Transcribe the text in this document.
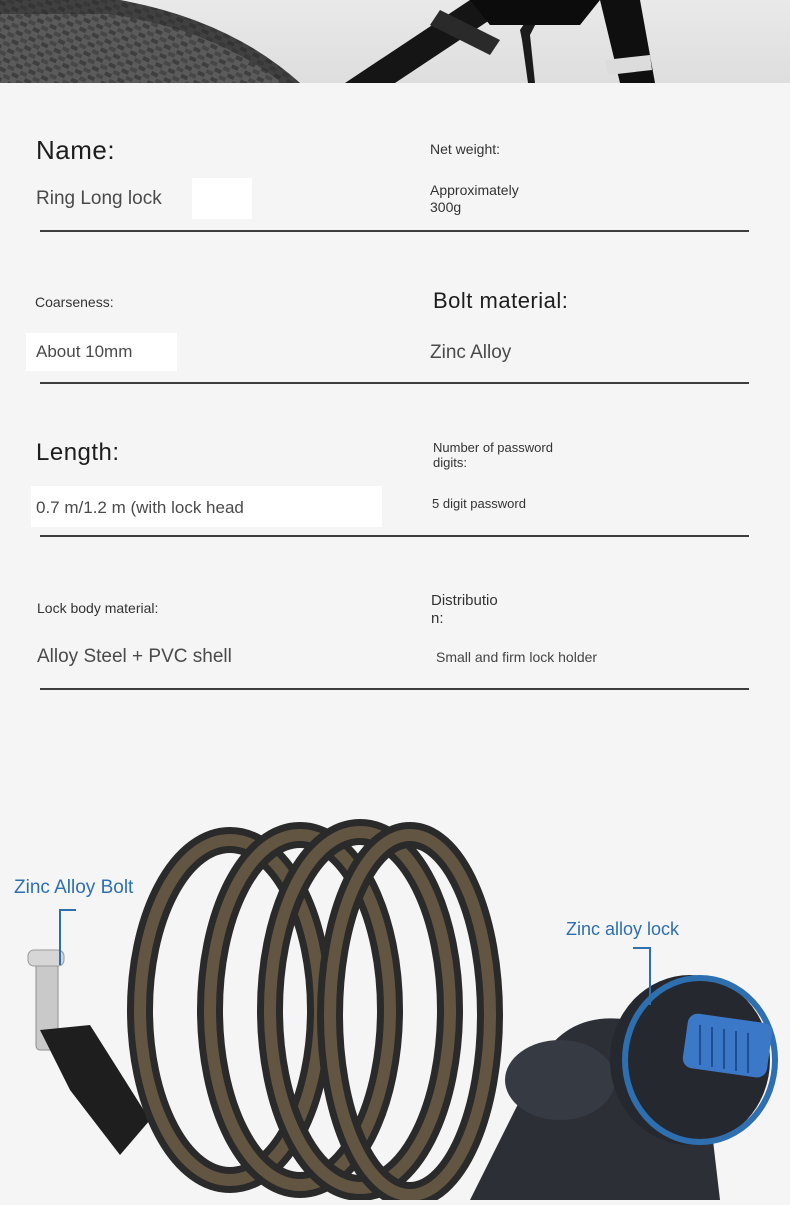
Name:
Ring Long lock
Net weight:
Approximately
300g
Coarseness:
About 10mm
Bolt material:
Zinc Alloy
Length:
0.7 m/1.2 m (with lock head
Number of password digits:
5 digit password
Lock body material:
Alloy Steel + PVC shell
Distributio
n:
Small and firm lock holder
Zinc Alloy Bolt
Zinc alloy lock
